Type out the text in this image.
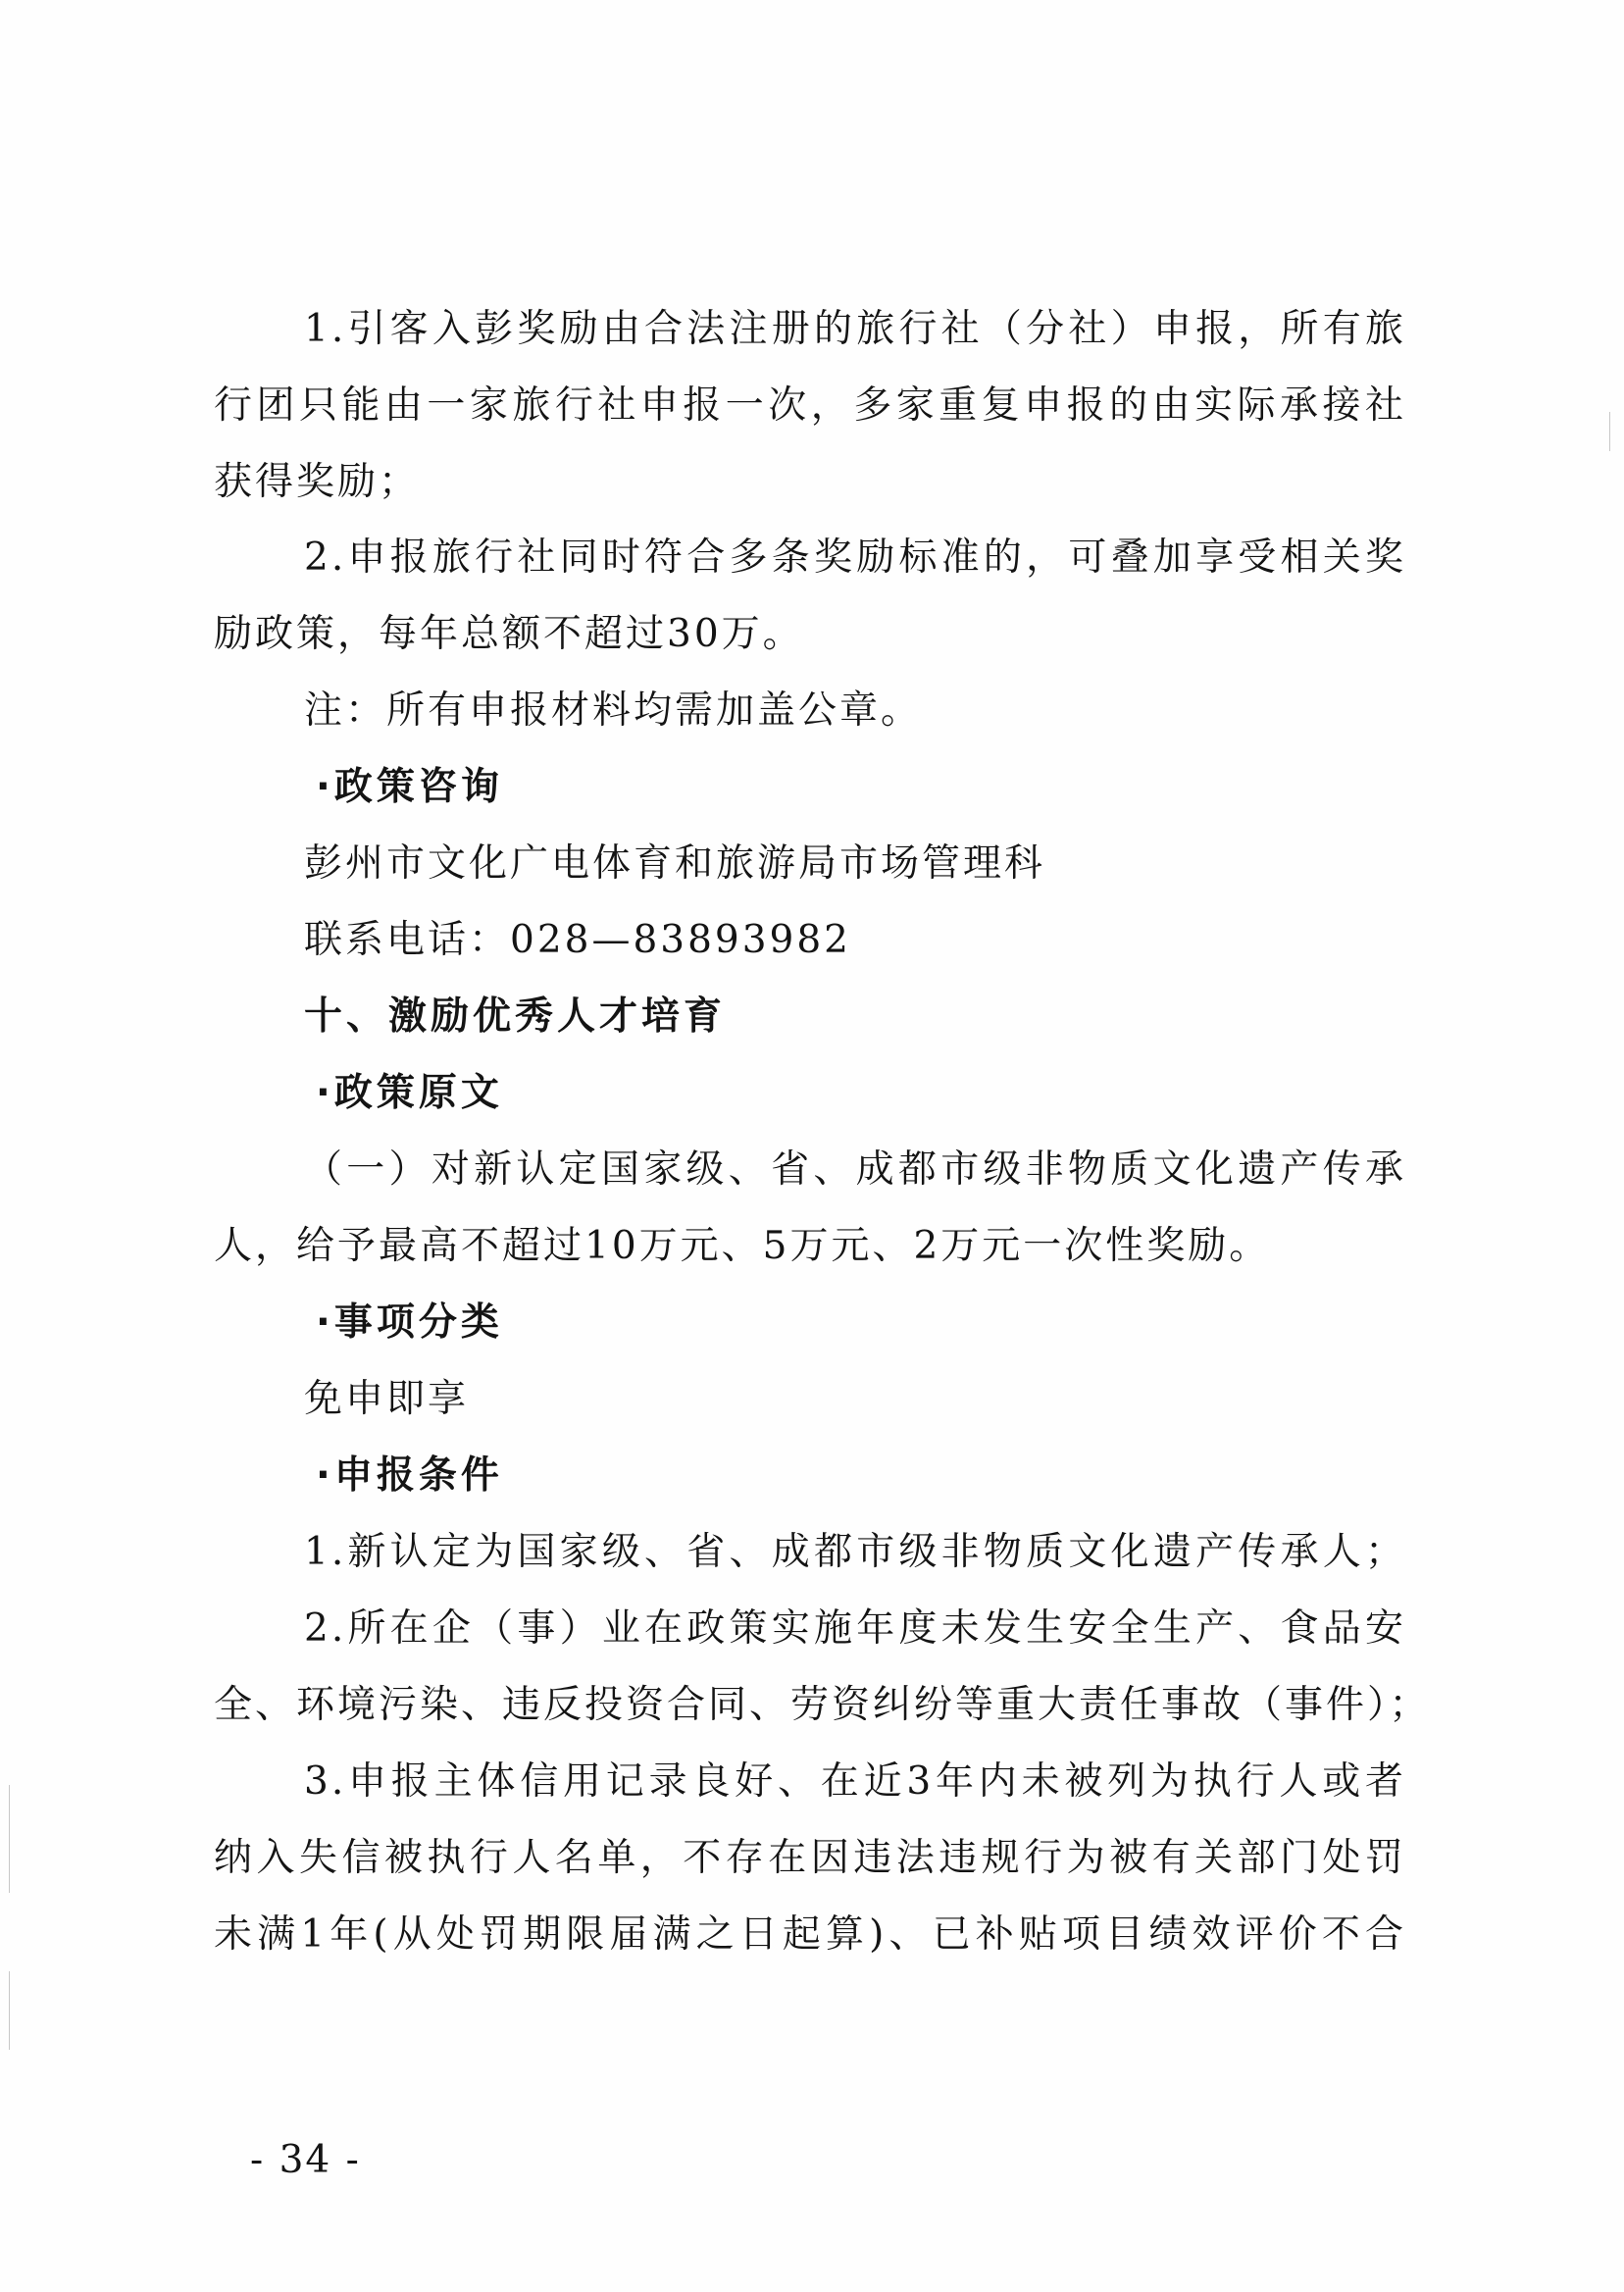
1.引客入彭奖励由合法注册的旅行社（分社）申报，所有旅
行团只能由一家旅行社申报一次，多家重复申报的由实际承接社
获得奖励；
2.申报旅行社同时符合多条奖励标准的，可叠加享受相关奖
励政策，每年总额不超过30万。
注：所有申报材料均需加盖公章。
·政策咨询
彭州市文化广电体育和旅游局市场管理科
联系电话：028—83893982
十、激励优秀人才培育
·政策原文
（一）对新认定国家级、省、成都市级非物质文化遗产传承
人，给予最高不超过10万元、5万元、2万元一次性奖励。
·事项分类
免申即享
·申报条件
1.新认定为国家级、省、成都市级非物质文化遗产传承人；
2.所在企（事）业在政策实施年度未发生安全生产、食品安
全、环境污染、违反投资合同、劳资纠纷等重大责任事故（事件）；
3.申报主体信用记录良好、在近3年内未被列为执行人或者
纳入失信被执行人名单，不存在因违法违规行为被有关部门处罚
未满1年(从处罚期限届满之日起算)、已补贴项目绩效评价不合
- 34 -
